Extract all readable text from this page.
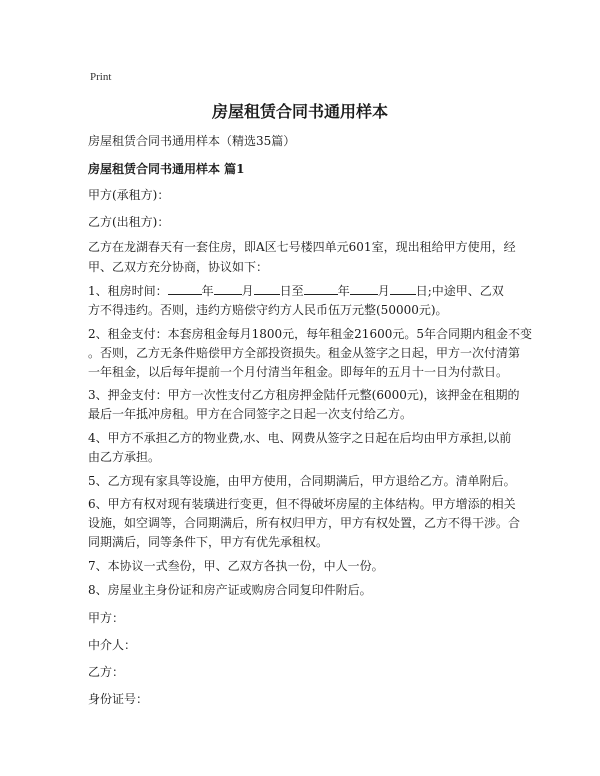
Print
房屋租赁合同书通用样本
房屋租赁合同书通用样本（精选35篇）
房屋租赁合同书通用样本 篇1
甲方(承租方)：
乙方(出租方)：
乙方在龙湖春天有一套住房，即A区七号楼四单元601室，现出租给甲方使用，经
甲、乙双方充分协商，协议如下：
1、租房时间：	年 月 日至	年 月 日;中途甲、乙双
方不得违约。否则，违约方赔偿守约方人民币伍万元整(50000元)。
2、租金支付：本套房租金每月1800元，每年租金21600元。5年合同期内租金不变
。否则，乙方无条件赔偿甲方全部投资损失。租金从签字之日起，甲方一次付清第
一年租金，以后每年提前一个月付清当年租金。即每年的五月十一日为付款日。
3、押金支付：甲方一次性支付乙方租房押金陆仟元整(6000元)，该押金在租期的
最后一年抵冲房租。甲方在合同签字之日起一次支付给乙方。
4、甲方不承担乙方的物业费,水、电、网费从签字之日起在后均由甲方承担,以前
由乙方承担。
5、乙方现有家具等设施，由甲方使用，合同期满后，甲方退给乙方。清单附后。
6、甲方有权对现有装璜进行变更，但不得破坏房屋的主体结构。甲方增添的相关
设施，如空调等，合同期满后，所有权归甲方，甲方有权处置，乙方不得干涉。合
同期满后，同等条件下，甲方有优先承租权。
7、本协议一式叁份，甲、乙双方各执一份，中人一份。
8、房屋业主身份证和房产证或购房合同复印件附后。
甲方：
中介人：
乙方：
身份证号：
